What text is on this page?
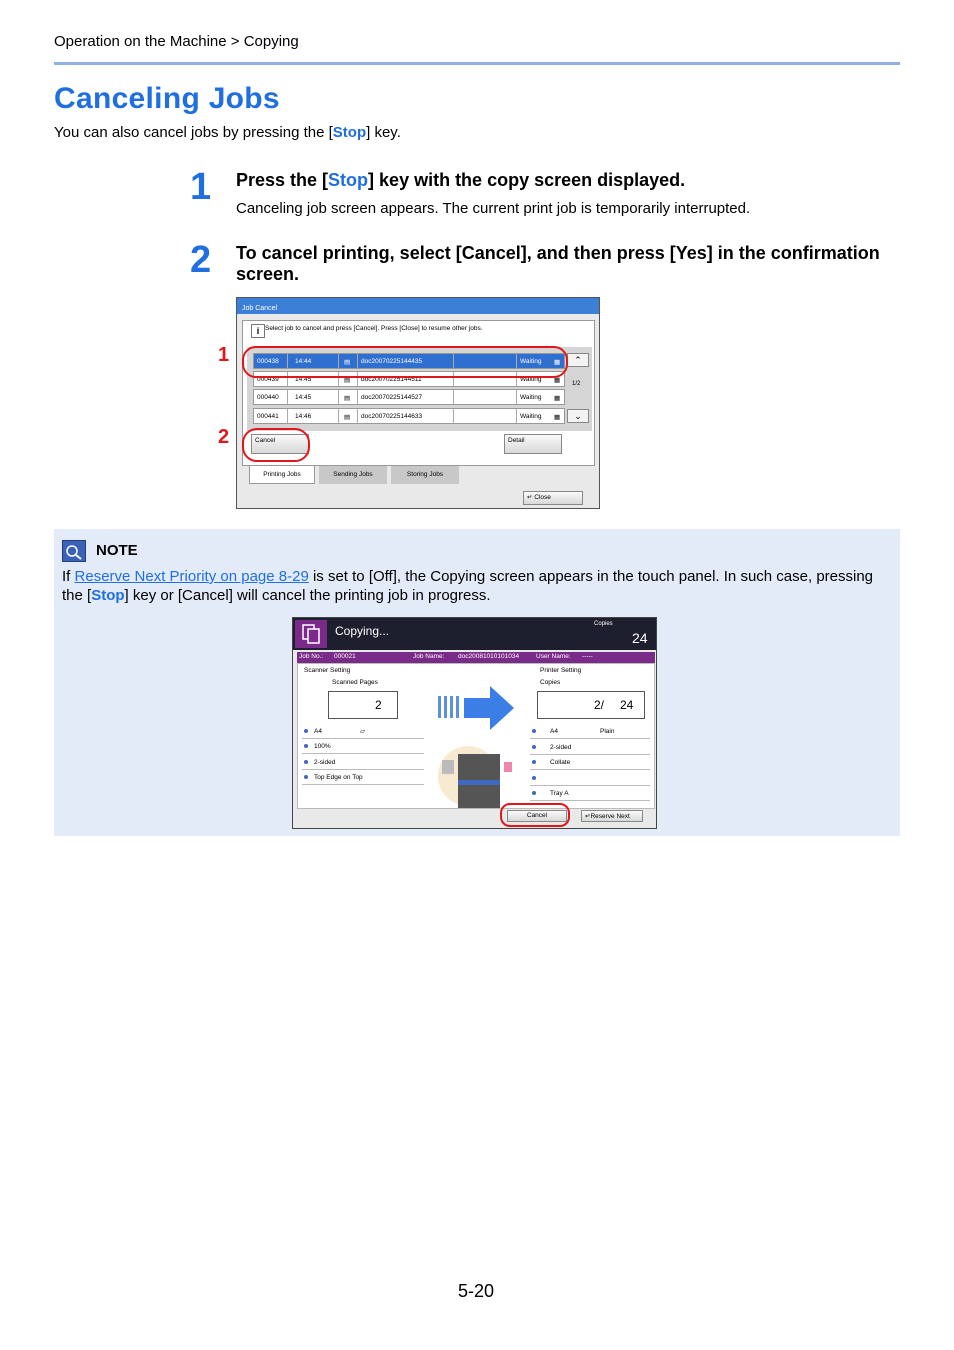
Operation on the Machine > Copying
Canceling Jobs
You can also cancel jobs by pressing the [Stop] key.
1 Press the [Stop] key with the copy screen displayed.
Canceling job screen appears. The current print job is temporarily interrupted.
2 To cancel printing, select [Cancel], and then press [Yes] in the confirmation screen.
1
2
Job Cancel
i Select job to cancel and press [Cancel]. Press [Close] to resume other jobs.
000438	14:44	▤ doc20070225144435	Waiting ▦
000439	14:45	▤ doc20070225144511	Waiting ▦
000440	14:45	▤ doc20070225144527	Waiting ▦
000441	14:46	▤ doc20070225144633	Waiting ▦
⌃
1/2
⌄
Cancel	Detail
Printing Jobs	Sending Jobs	Storing Jobs
↵ Close
NOTE
If Reserve Next Priority on page 8-29 is set to [Off], the Copying screen appears in the touch panel. In such case, pressing the [Stop] key or [Cancel] will cancel the printing job in progress.
Copying...	Copies
24
Job No.: 000021	Job Name: doc20081010101034	User Name: -----
Scanner Setting
Scanned Pages
2
A4	▱
100%
2-sided
Top Edge on Top
Printer Setting
Copies
2/ 24
A4	Plain
2-sided
Collate
Tray A
Cancel	↵Reserve Next
5-20
